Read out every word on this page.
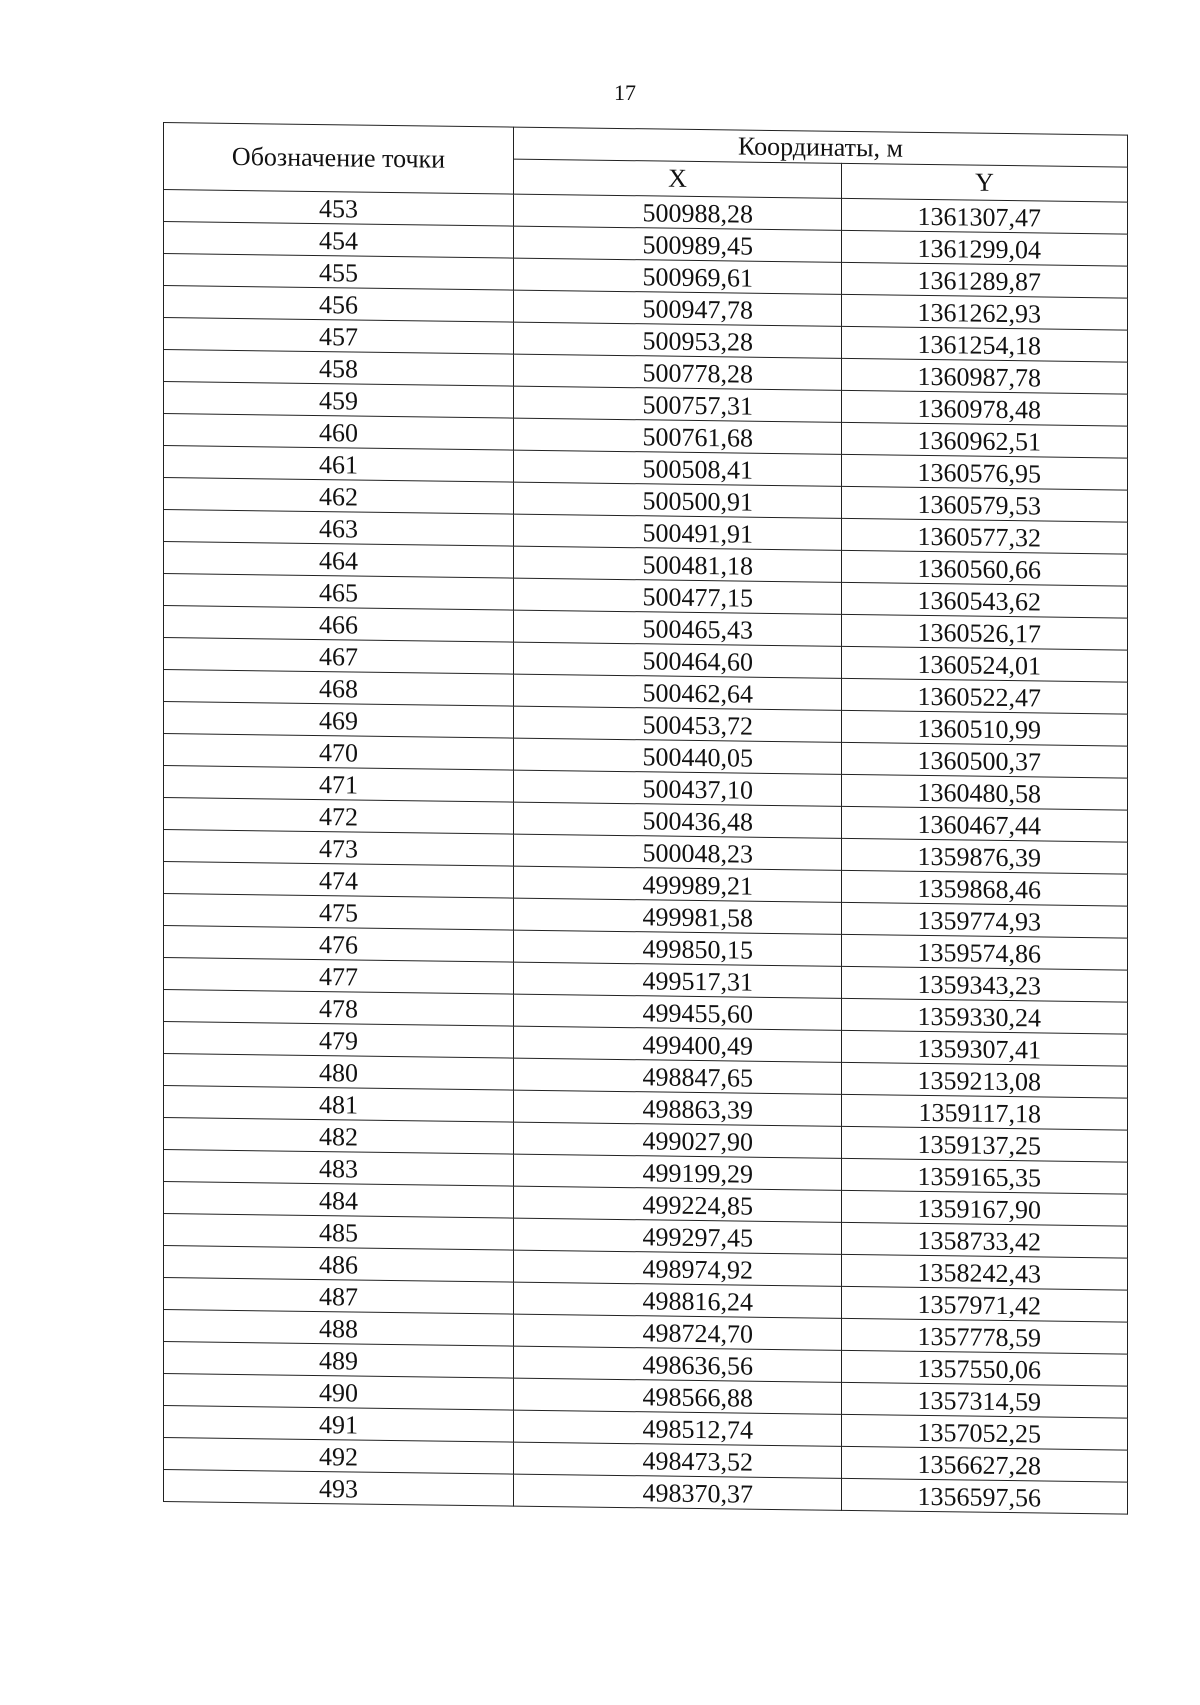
17
Обозначение точки	Координаты, м	
	X	Y
453	500988,28	1361307,47
454	500989,45	1361299,04
455	500969,61	1361289,87
456	500947,78	1361262,93
457	500953,28	1361254,18
458	500778,28	1360987,78
459	500757,31	1360978,48
460	500761,68	1360962,51
461	500508,41	1360576,95
462	500500,91	1360579,53
463	500491,91	1360577,32
464	500481,18	1360560,66
465	500477,15	1360543,62
466	500465,43	1360526,17
467	500464,60	1360524,01
468	500462,64	1360522,47
469	500453,72	1360510,99
470	500440,05	1360500,37
471	500437,10	1360480,58
472	500436,48	1360467,44
473	500048,23	1359876,39
474	499989,21	1359868,46
475	499981,58	1359774,93
476	499850,15	1359574,86
477	499517,31	1359343,23
478	499455,60	1359330,24
479	499400,49	1359307,41
480	498847,65	1359213,08
481	498863,39	1359117,18
482	499027,90	1359137,25
483	499199,29	1359165,35
484	499224,85	1359167,90
485	499297,45	1358733,42
486	498974,92	1358242,43
487	498816,24	1357971,42
488	498724,70	1357778,59
489	498636,56	1357550,06
490	498566,88	1357314,59
491	498512,74	1357052,25
492	498473,52	1356627,28
493	498370,37	1356597,56
